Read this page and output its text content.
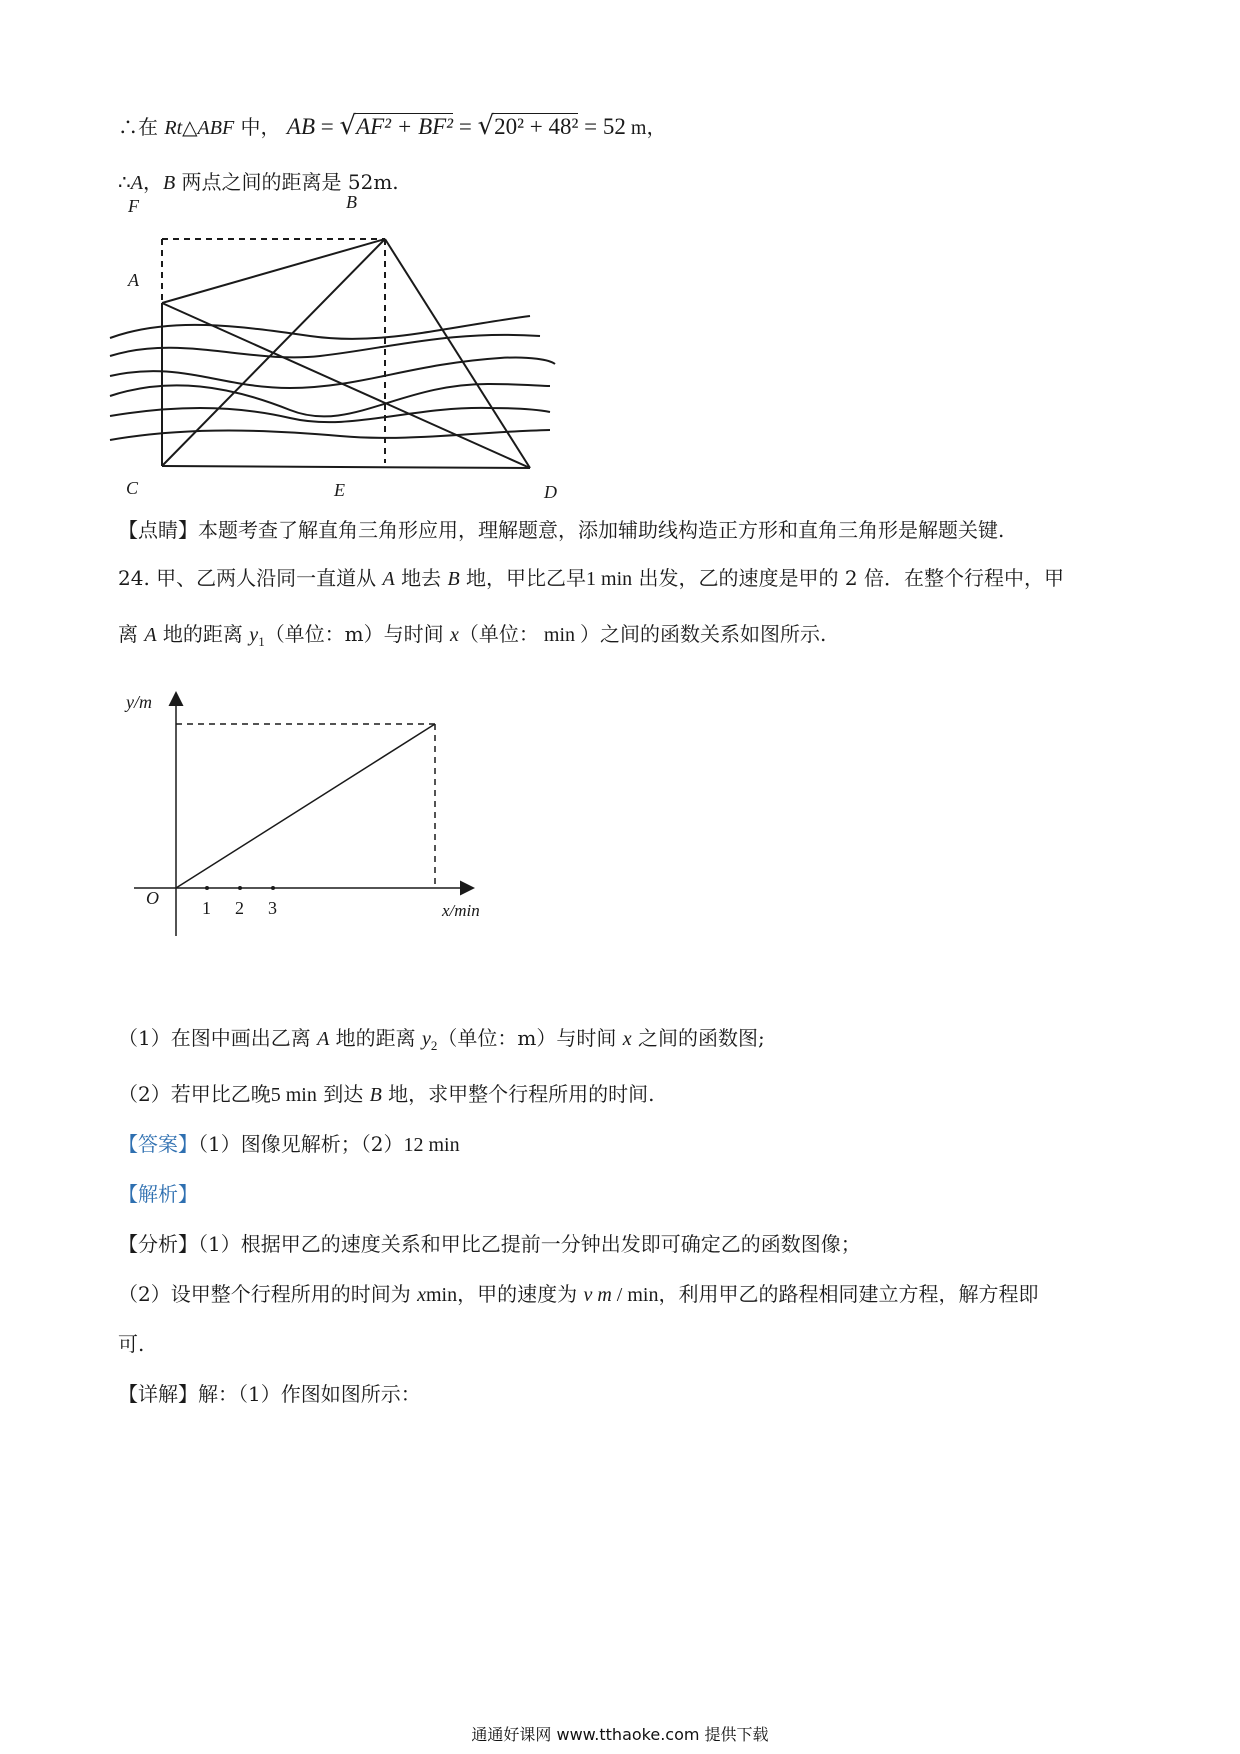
∴在 Rt△ABF 中， AB = √AF² + BF² = √20² + 48² = 52 m，
∴A，B 两点之间的距离是 52m.
F	B
A
C	E	D
【点睛】本题考查了解直角三角形应用，理解题意，添加辅助线构造正方形和直角三角形是解题关键.
24. 甲、乙两人沿同一直道从 A 地去 B 地，甲比乙早1 min 出发，乙的速度是甲的 2 倍．在整个行程中，甲
离 A 地的距离 $y_1$（单位：m）与时间 x（单位： min ）之间的函数关系如图所示.
y/m
x/min
O 1 2 3
（1）在图中画出乙离 A 地的距离 $y_2$（单位：m）与时间 x 之间的函数图;
（2）若甲比乙晚5 min 到达 B 地，求甲整个行程所用的时间.
【答案】（1）图像见解析；（2）12 min
【解析】
【分析】（1）根据甲乙的速度关系和甲比乙提前一分钟出发即可确定乙的函数图像；
（2）设甲整个行程所用的时间为 xmin，甲的速度为 v m / min，利用甲乙的路程相同建立方程，解方程即
可.
【详解】解：（1）作图如图所示：
通通好课网 www.tthaoke.com 提供下载
